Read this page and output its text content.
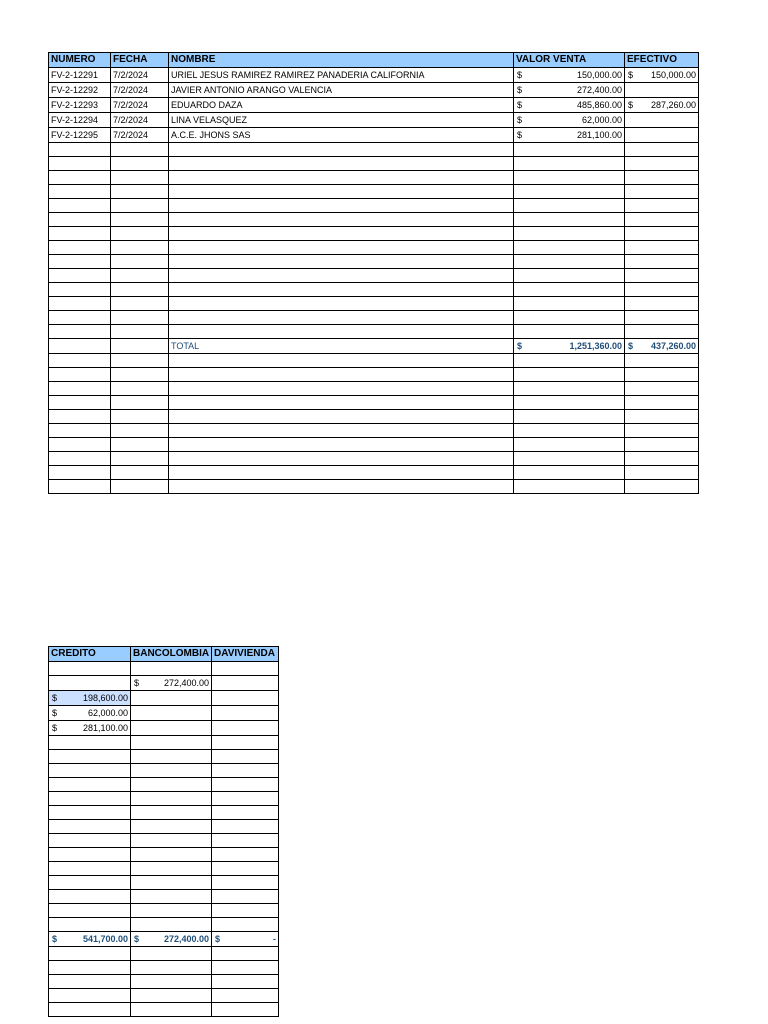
NUMERO	FECHA	NOMBRE	VALOR VENTA	EFECTIVO
FV-2-12291	7/2/2024	URIEL JESUS RAMIREZ RAMIREZ PANADERIA CALIFORNIA	$ 150,000.00	$ 150,000.00

FV-2-12292	7/2/2024	JAVIER ANTONIO ARANGO VALENCIA	$ 272,400.00	

FV-2-12293	7/2/2024	EDUARDO DAZA	$ 485,860.00	$ 287,260.00

FV-2-12294	7/2/2024	LINA VELASQUEZ	$ 62,000.00	

FV-2-12295	7/2/2024	A.C.E. JHONS SAS	$ 281,100.00	

		TOTAL	$ 1,251,360.00	$ 437,260.00

CREDITO	BANCOLOMBIA	DAVIVIENDA

	$ 272,400.00	

$ 198,600.00		

$ 62,000.00		

$ 281,100.00		

$ 541,700.00	$ 272,400.00	$ -
